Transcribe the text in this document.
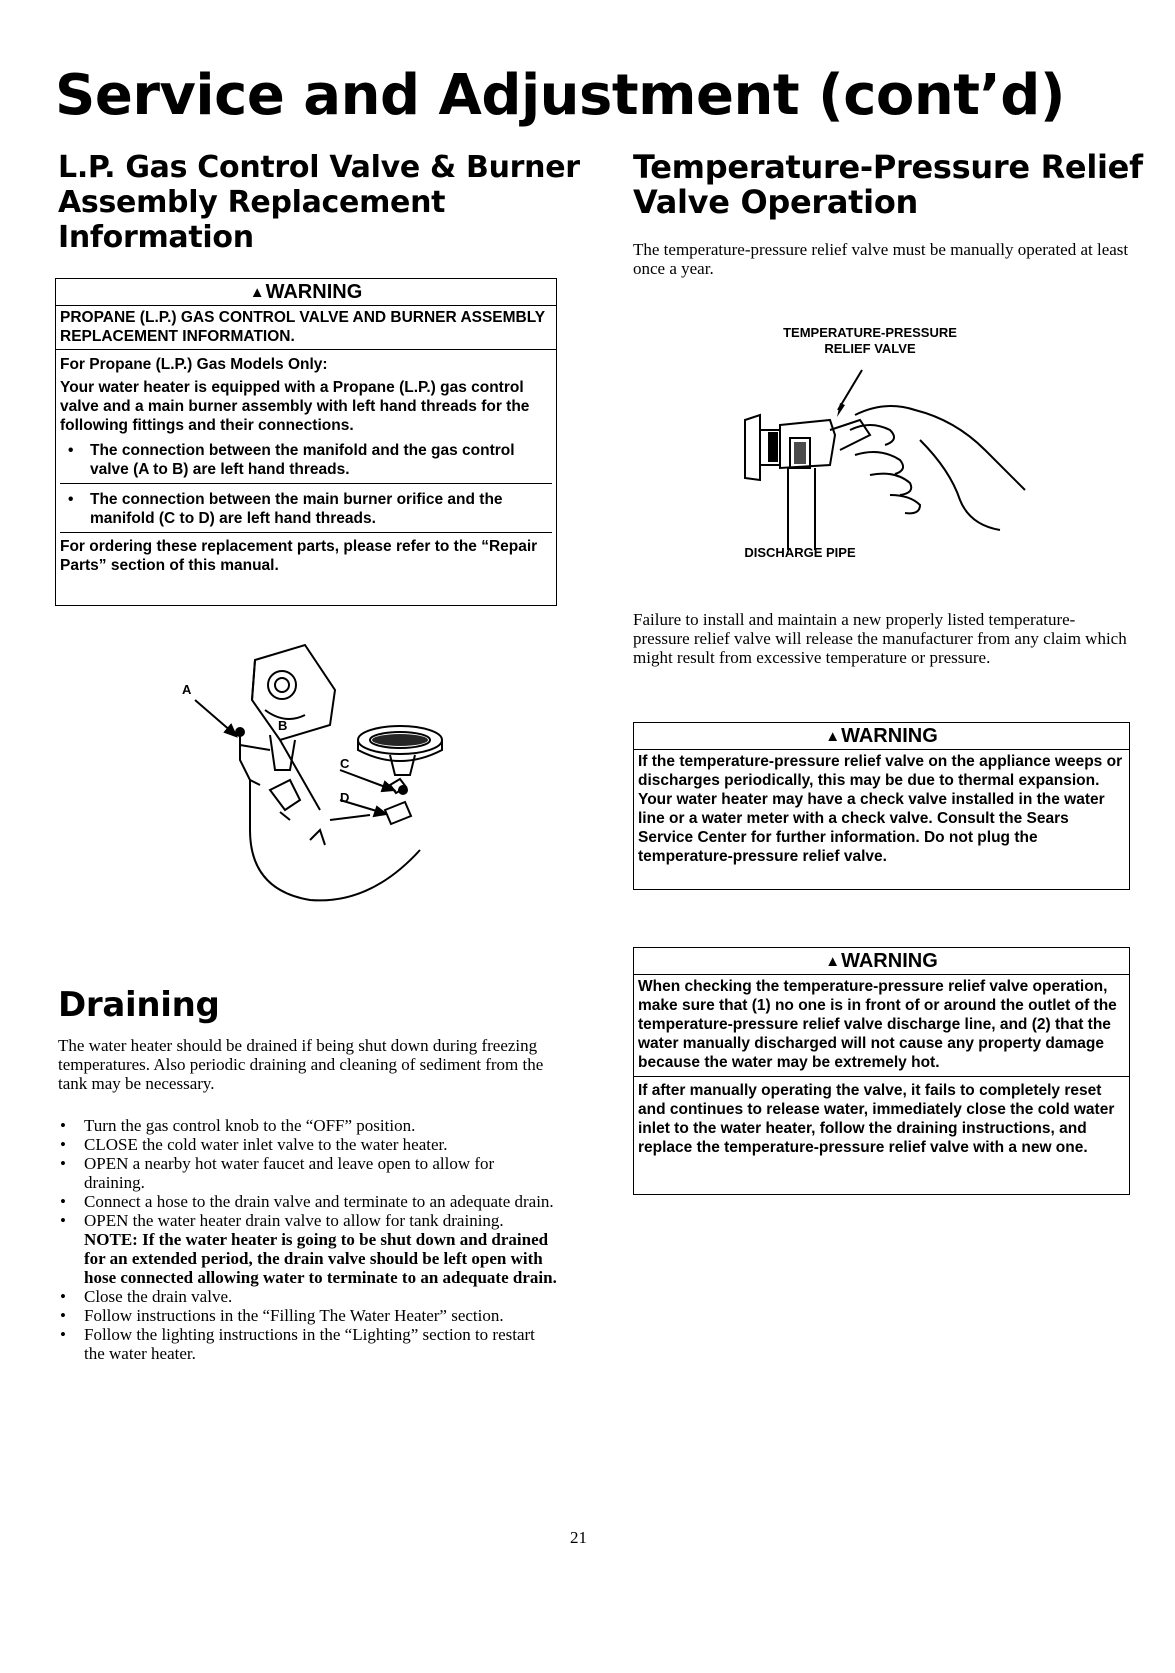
Service and Adjustment (cont’d)
L.P. Gas Control Valve & Burner
Assembly Replacement
Information
▲WARNING
PROPANE (L.P.) GAS CONTROL VALVE AND BURNER ASSEMBLY REPLACEMENT INFORMATION.

For Propane (L.P.) Gas Models Only:

Your water heater is equipped with a Propane (L.P.) gas control valve and a main burner assembly with left hand threads for the following fittings and their connections.

• The connection between the manifold and the gas control valve (A to B) are left hand threads.
• The connection between the main burner orifice and the manifold (C to D) are left hand threads.
For ordering these replacement parts, please refer to the “Repair Parts” section of this manual.
A
B
C
D
Draining
The water heater should be drained if being shut down during freezing temperatures. Also periodic draining and cleaning of sediment from the tank may be necessary.
• Turn the gas control knob to the “OFF” position.
• CLOSE the cold water inlet valve to the water heater.
• OPEN a nearby hot water faucet and leave open to allow for draining.
• Connect a hose to the drain valve and terminate to an adequate drain.
• OPEN the water heater drain valve to allow for tank draining.
NOTE: If the water heater is going to be shut down and drained for an extended period, the drain valve should be left open with hose connected allowing water to terminate to an adequate drain.
• Close the drain valve.
• Follow instructions in the “Filling The Water Heater” section.
• Follow the lighting instructions in the “Lighting” section to restart the water heater.
Temperature-Pressure Relief
Valve Operation
The temperature-pressure relief valve must be manually operated at least once a year.
TEMPERATURE-PRESSURE
RELIEF VALVE
DISCHARGE PIPE
Failure to install and maintain a new properly listed temperature-pressure relief valve will release the manufacturer from any claim which might result from excessive temperature or pressure.
▲WARNING
If the temperature-pressure relief valve on the appliance weeps or discharges periodically, this may be due to thermal expansion. Your water heater may have a check valve installed in the water line or a water meter with a check valve. Consult the Sears Service Center for further information. Do not plug the temperature-pressure relief valve.
▲WARNING
When checking the temperature-pressure relief valve operation, make sure that (1) no one is in front of or around the outlet of the temperature-pressure relief valve discharge line, and (2) that the water manually discharged will not cause any property damage because the water may be extremely hot.
If after manually operating the valve, it fails to completely reset and continues to release water, immediately close the cold water inlet to the water heater, follow the draining instructions, and replace the temperature-pressure relief valve with a new one.
21
